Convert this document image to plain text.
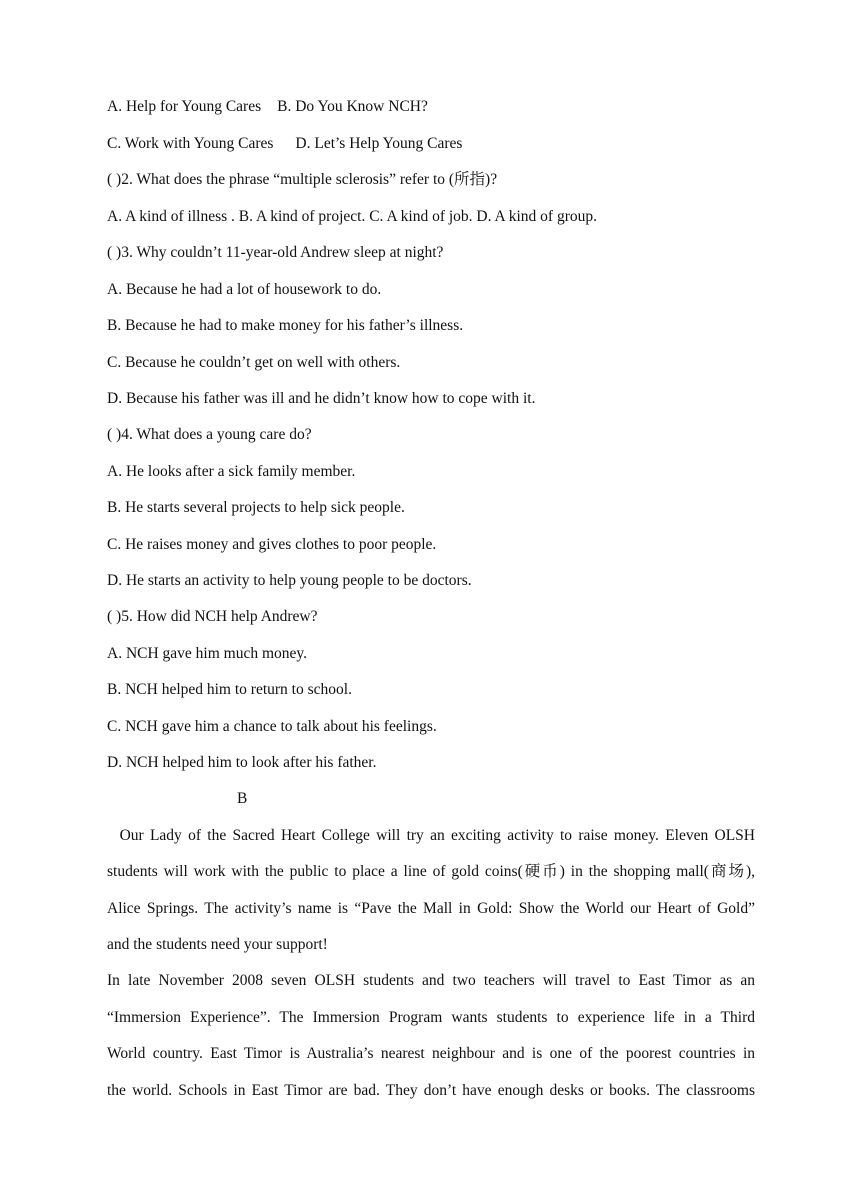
A. Help for Young Cares B. Do You Know NCH?
C. Work with Young Cares D. Let’s Help Young Cares
( )2. What does the phrase “multiple sclerosis” refer to (所指)?
A. A kind of illness . B. A kind of project. C. A kind of job. D. A kind of group.
( )3. Why couldn’t 11-year-old Andrew sleep at night?
A. Because he had a lot of housework to do.
B. Because he had to make money for his father’s illness.
C. Because he couldn’t get on well with others.
D. Because his father was ill and he didn’t know how to cope with it.
( )4. What does a young care do?
A. He looks after a sick family member.
B. He starts several projects to help sick people.
C. He raises money and gives clothes to poor people.
D. He starts an activity to help young people to be doctors.
( )5. How did NCH help Andrew?
A. NCH gave him much money.
B. NCH helped him to return to school.
C. NCH gave him a chance to talk about his feelings.
D. NCH helped him to look after his father.
B
Our Lady of the Sacred Heart College will try an exciting activity to raise money. Eleven OLSH
students will work with the public to place a line of gold coins(硬币) in the shopping mall(商场),
Alice Springs. The activity’s name is “Pave the Mall in Gold: Show the World our Heart of Gold”
and the students need your support!
In late November 2008 seven OLSH students and two teachers will travel to East Timor as an
“Immersion Experience”. The Immersion Program wants students to experience life in a Third
World country. East Timor is Australia’s nearest neighbour and is one of the poorest countries in
the world. Schools in East Timor are bad. They don’t have enough desks or books. The classrooms
